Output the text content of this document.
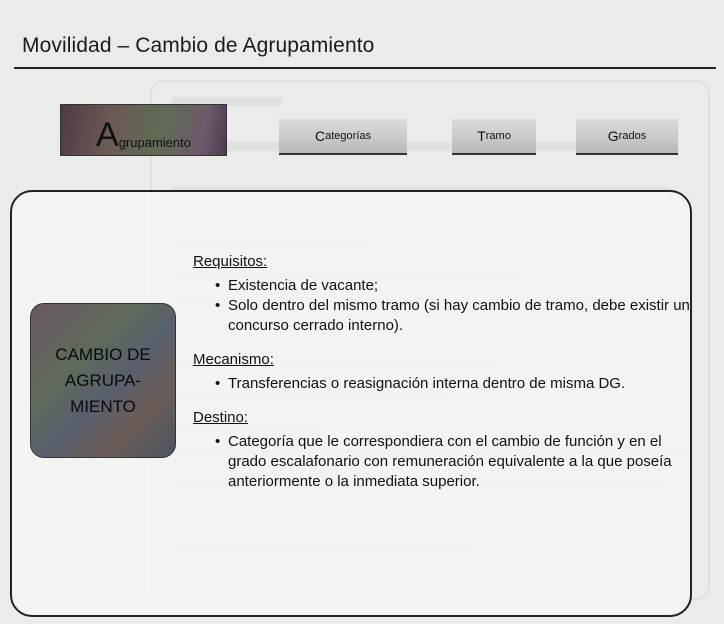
Movilidad – Cambio de Agrupamiento
A grupamiento	C ategorías	T ramo	G rados
CAMBIO DE
AGRUPA-
MIENTO
Requisitos:
• Existencia de vacante;
• Solo dentro del mismo tramo (si hay cambio de tramo, debe existir un concurso cerrado interno).
Mecanismo:
• Transferencias o reasignación interna dentro de misma DG.
Destino:
• Categoría que le correspondiera con el cambio de función y en el grado escalafonario con remuneración equivalente a la que poseía anteriormente o la inmediata superior.
